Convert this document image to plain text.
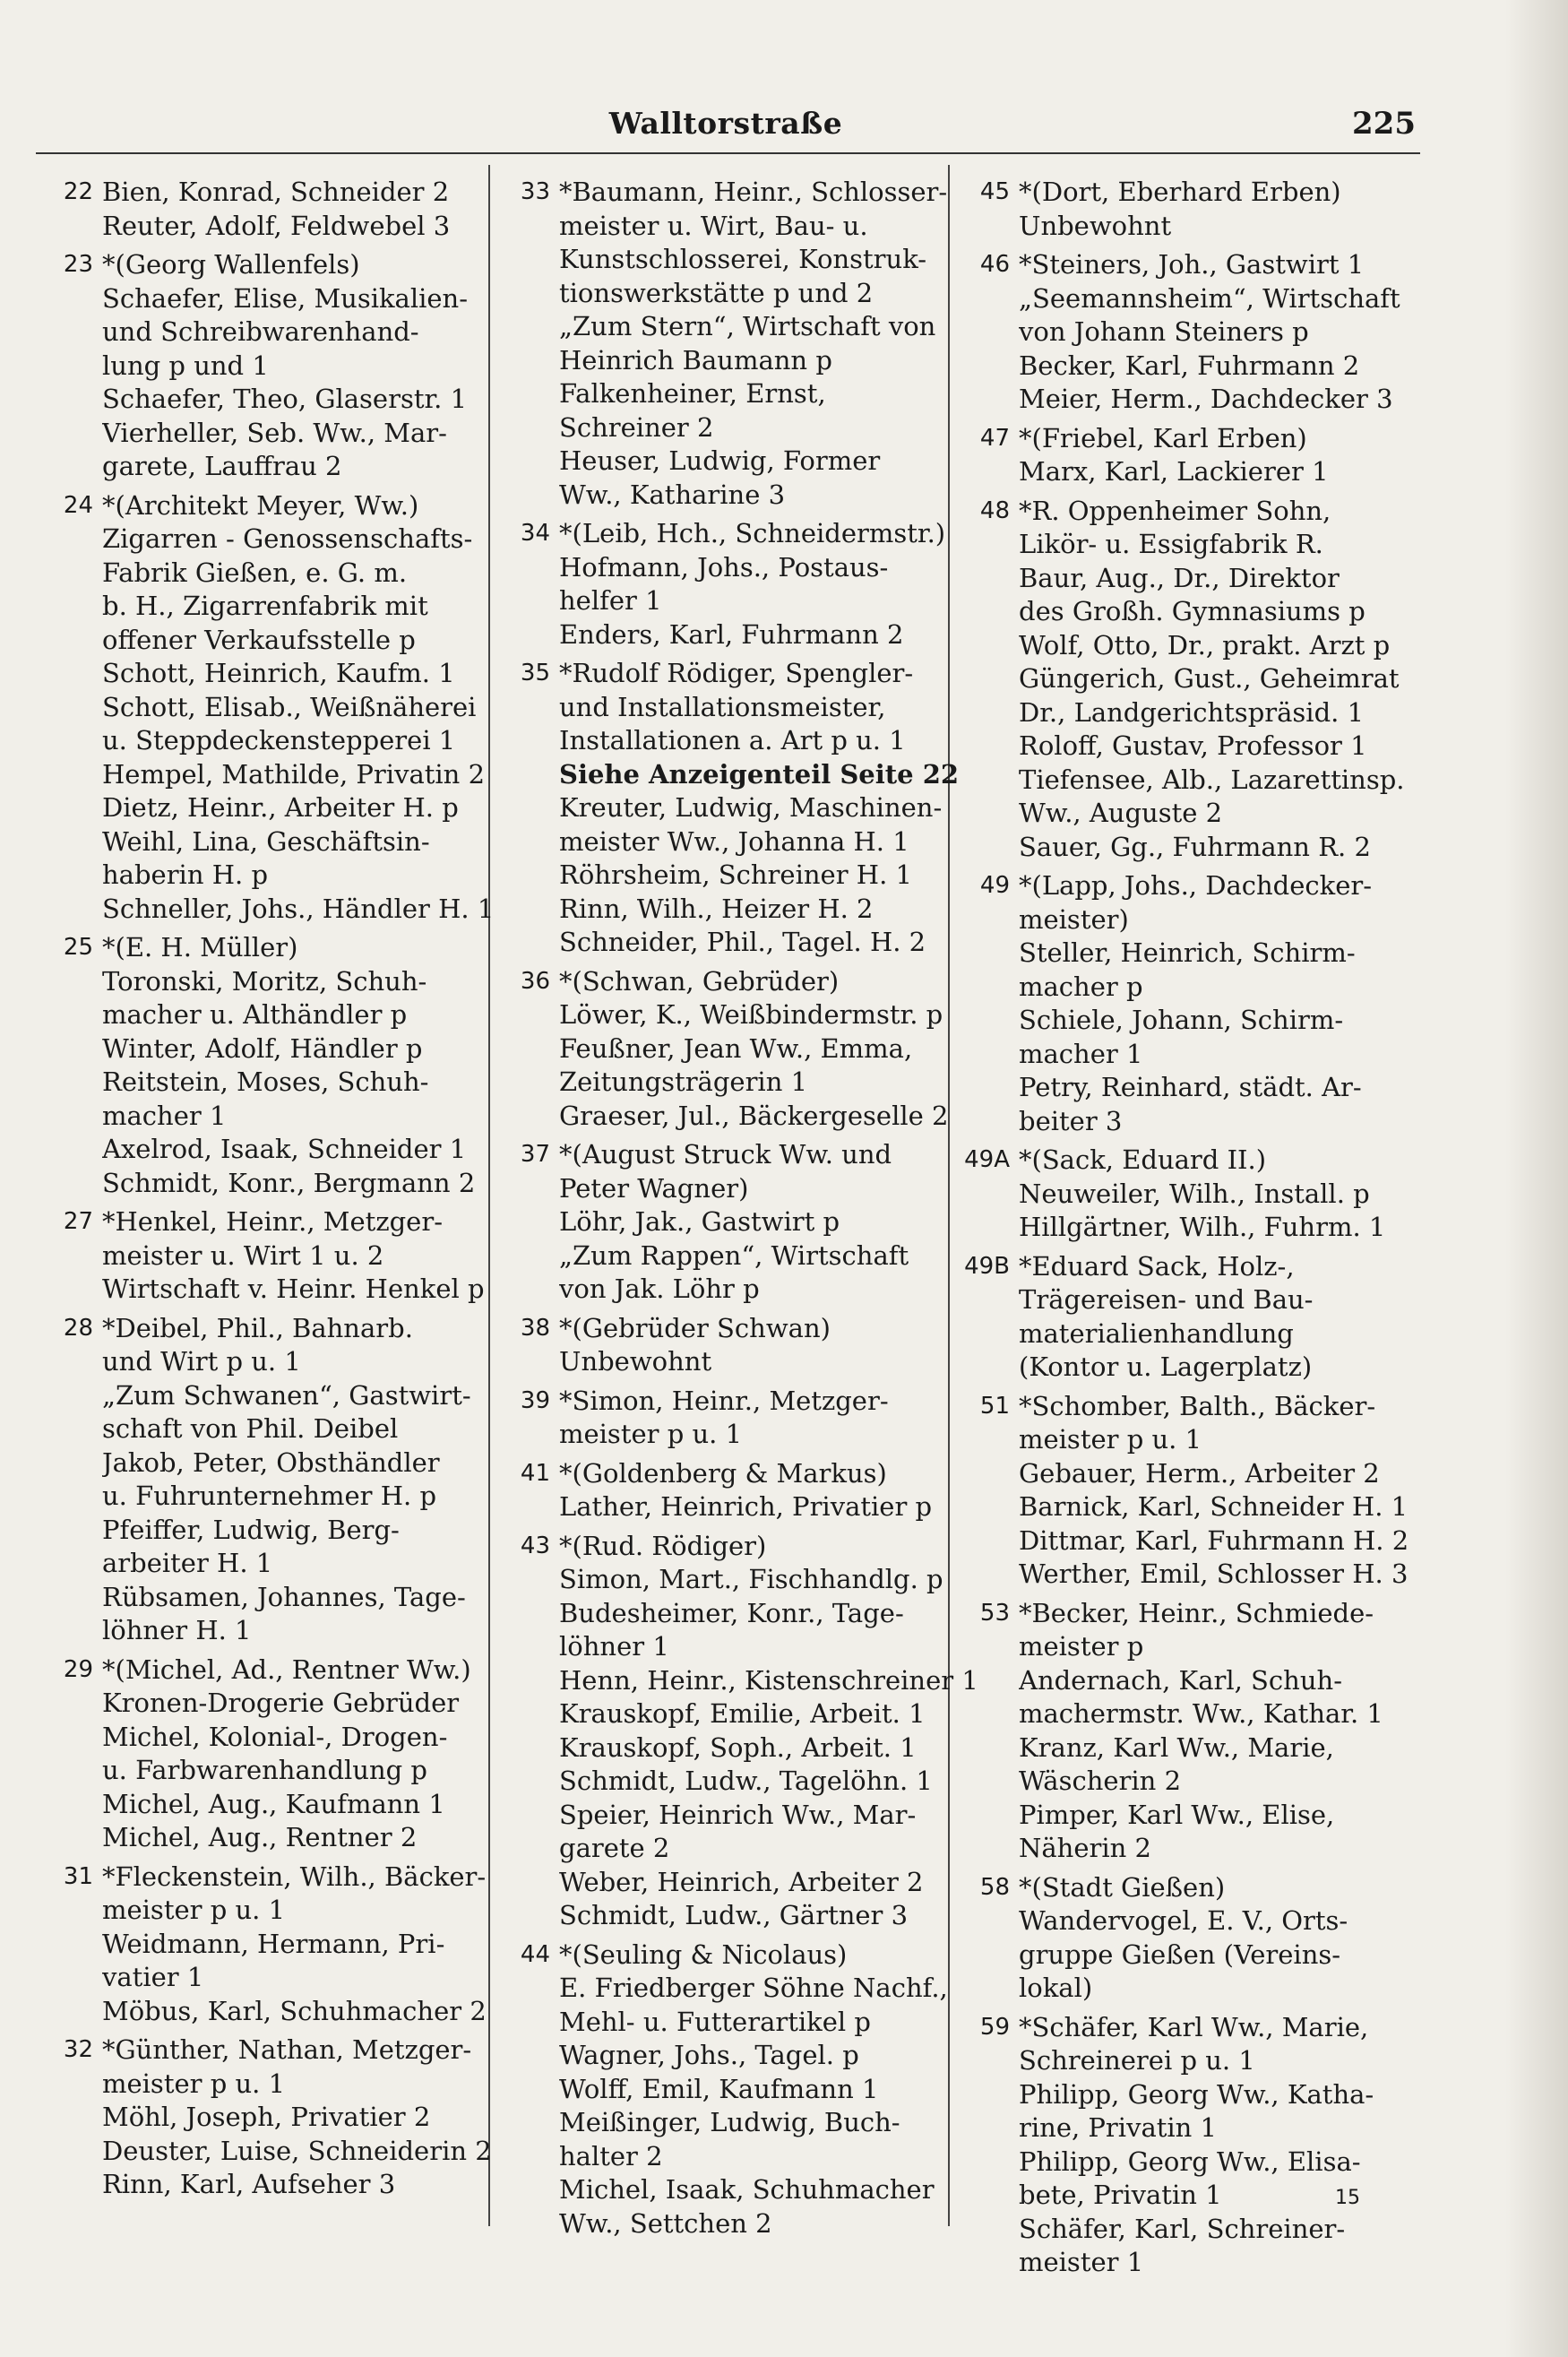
Walltorstraße	225
22 Bien, Konrad, Schneider 2
Reuter, Adolf, Feldwebel 3
23 *(Georg Wallenfels)
Schaefer, Elise, Musikalien-
und Schreibwarenhand-
lung p und 1
Schaefer, Theo, Glaserstr. 1
Vierheller, Seb. Ww., Mar-
garete, Lauffrau 2
24 *(Architekt Meyer, Ww.)
Zigarren - Genossenschafts-
Fabrik Gießen, e. G. m.
b. H., Zigarrenfabrik mit
offener Verkaufsstelle p
Schott, Heinrich, Kaufm. 1
Schott, Elisab., Weißnäherei
u. Steppdeckenstepperei 1
Hempel, Mathilde, Privatin 2
Dietz, Heinr., Arbeiter H. p
Weihl, Lina, Geschäftsin-
haberin H. p
Schneller, Johs., Händler H. 1
25 *(E. H. Müller)
Toronski, Moritz, Schuh-
macher u. Althändler p
Winter, Adolf, Händler p
Reitstein, Moses, Schuh-
macher 1
Axelrod, Isaak, Schneider 1
Schmidt, Konr., Bergmann 2
27 *Henkel, Heinr., Metzger-
meister u. Wirt 1 u. 2
Wirtschaft v. Heinr. Henkel p
28 *Deibel, Phil., Bahnarb.
und Wirt p u. 1
„Zum Schwanen“, Gastwirt-
schaft von Phil. Deibel
Jakob, Peter, Obsthändler
u. Fuhrunternehmer H. p
Pfeiffer, Ludwig, Berg-
arbeiter H. 1
Rübsamen, Johannes, Tage-
löhner H. 1
29 *(Michel, Ad., Rentner Ww.)
Kronen-Drogerie Gebrüder
Michel, Kolonial-, Drogen-
u. Farbwarenhandlung p
Michel, Aug., Kaufmann 1
Michel, Aug., Rentner 2
31 *Fleckenstein, Wilh., Bäcker-
meister p u. 1
Weidmann, Hermann, Pri-
vatier 1
Möbus, Karl, Schuhmacher 2
32 *Günther, Nathan, Metzger-
meister p u. 1
Möhl, Joseph, Privatier 2
Deuster, Luise, Schneiderin 2
Rinn, Karl, Aufseher 3
33 *Baumann, Heinr., Schlosser-
meister u. Wirt, Bau- u.
Kunstschlosserei, Konstruk-
tionswerkstätte p und 2
„Zum Stern“, Wirtschaft von
Heinrich Baumann p
Falkenheiner, Ernst,
Schreiner 2
Heuser, Ludwig, Former
Ww., Katharine 3
34 *(Leib, Hch., Schneidermstr.)
Hofmann, Johs., Postaus-
helfer 1
Enders, Karl, Fuhrmann 2
35 *Rudolf Rödiger, Spengler-
und Installationsmeister,
Installationen a. Art p u. 1
Siehe Anzeigenteil Seite 22
Kreuter, Ludwig, Maschinen-
meister Ww., Johanna H. 1
Röhrsheim, Schreiner H. 1
Rinn, Wilh., Heizer H. 2
Schneider, Phil., Tagel. H. 2
36 *(Schwan, Gebrüder)
Löwer, K., Weißbindermstr. p
Feußner, Jean Ww., Emma,
Zeitungsträgerin 1
Graeser, Jul., Bäckergeselle 2
37 *(August Struck Ww. und
Peter Wagner)
Löhr, Jak., Gastwirt p
„Zum Rappen“, Wirtschaft
von Jak. Löhr p
38 *(Gebrüder Schwan)
Unbewohnt
39 *Simon, Heinr., Metzger-
meister p u. 1
41 *(Goldenberg & Markus)
Lather, Heinrich, Privatier p
43 *(Rud. Rödiger)
Simon, Mart., Fischhandlg. p
Budesheimer, Konr., Tage-
löhner 1
Henn, Heinr., Kistenschreiner 1
Krauskopf, Emilie, Arbeit. 1
Krauskopf, Soph., Arbeit. 1
Schmidt, Ludw., Tagelöhn. 1
Speier, Heinrich Ww., Mar-
garete 2
Weber, Heinrich, Arbeiter 2
Schmidt, Ludw., Gärtner 3
44 *(Seuling & Nicolaus)
E. Friedberger Söhne Nachf.,
Mehl- u. Futterartikel p
Wagner, Johs., Tagel. p
Wolff, Emil, Kaufmann 1
Meißinger, Ludwig, Buch-
halter 2
Michel, Isaak, Schuhmacher
Ww., Settchen 2
45 *(Dort, Eberhard Erben)
Unbewohnt
46 *Steiners, Joh., Gastwirt 1
„Seemannsheim“, Wirtschaft
von Johann Steiners p
Becker, Karl, Fuhrmann 2
Meier, Herm., Dachdecker 3
47 *(Friebel, Karl Erben)
Marx, Karl, Lackierer 1
48 *R. Oppenheimer Sohn,
Likör- u. Essigfabrik R.
Baur, Aug., Dr., Direktor
des Großh. Gymnasiums p
Wolf, Otto, Dr., prakt. Arzt p
Güngerich, Gust., Geheimrat
Dr., Landgerichtspräsid. 1
Roloff, Gustav, Professor 1
Tiefensee, Alb., Lazarettinsp.
Ww., Auguste 2
Sauer, Gg., Fuhrmann R. 2
49 *(Lapp, Johs., Dachdecker-
meister)
Steller, Heinrich, Schirm-
macher p
Schiele, Johann, Schirm-
macher 1
Petry, Reinhard, städt. Ar-
beiter 3
49A *(Sack, Eduard II.)
Neuweiler, Wilh., Install. p
Hillgärtner, Wilh., Fuhrm. 1
49B *Eduard Sack, Holz-,
Trägereisen- und Bau-
materialienhandlung
(Kontor u. Lagerplatz)
51 *Schomber, Balth., Bäcker-
meister p u. 1
Gebauer, Herm., Arbeiter 2
Barnick, Karl, Schneider H. 1
Dittmar, Karl, Fuhrmann H. 2
Werther, Emil, Schlosser H. 3
53 *Becker, Heinr., Schmiede-
meister p
Andernach, Karl, Schuh-
machermstr. Ww., Kathar. 1
Kranz, Karl Ww., Marie,
Wäscherin 2
Pimper, Karl Ww., Elise,
Näherin 2
58 *(Stadt Gießen)
Wandervogel, E. V., Orts-
gruppe Gießen (Vereins-
lokal)
59 *Schäfer, Karl Ww., Marie,
Schreinerei p u. 1
Philipp, Georg Ww., Katha-
rine, Privatin 1
Philipp, Georg Ww., Elisa-
bete, Privatin 1
Schäfer, Karl, Schreiner-
meister 1
15
